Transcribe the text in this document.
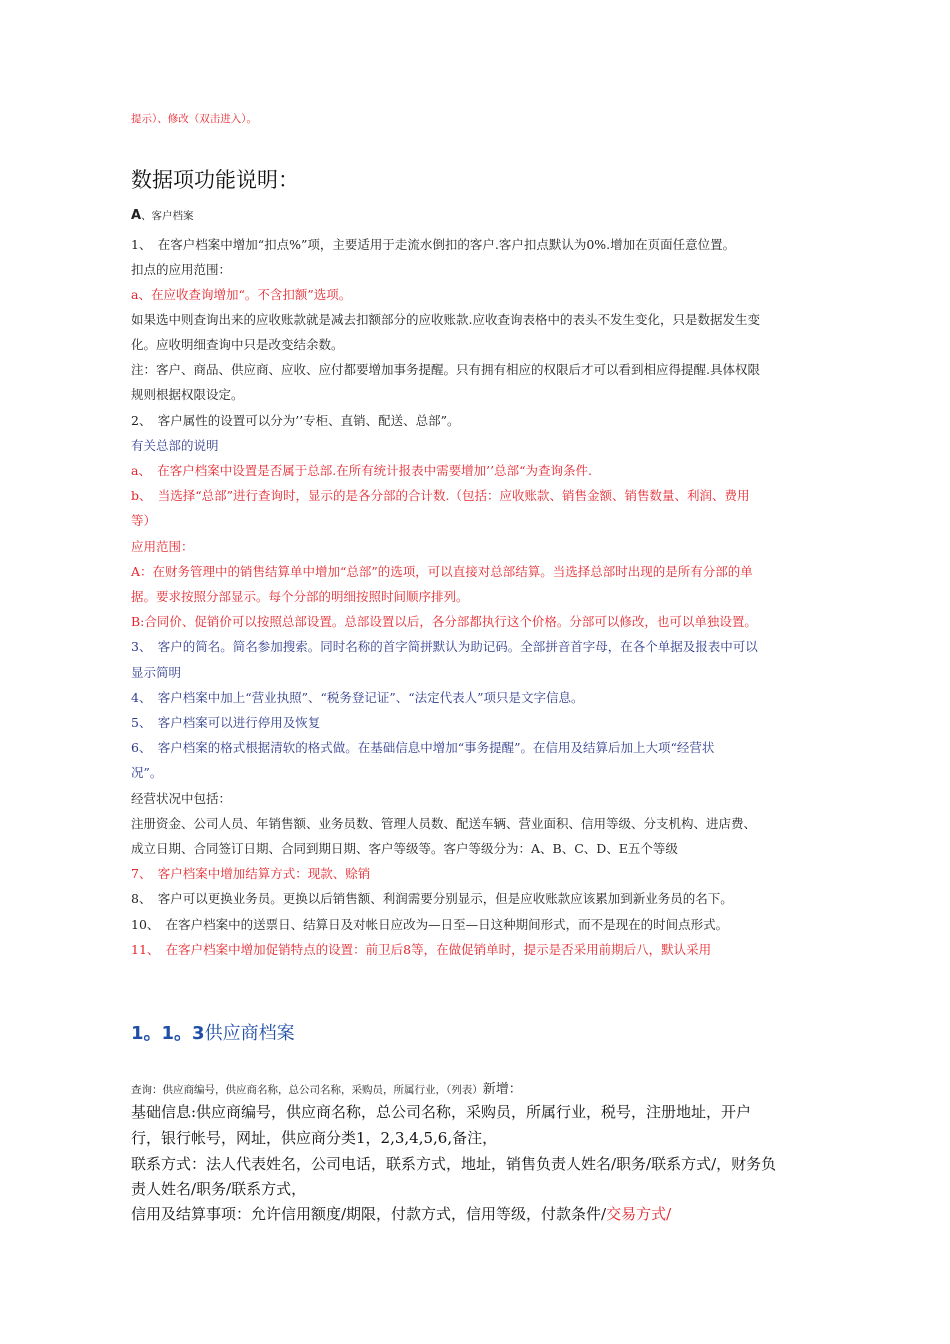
提示）、修改（双击进入）。
数据项功能说明：
A、客户档案
1、　在客户档案中增加“扣点%”项，主要适用于走流水倒扣的客户.客户扣点默认为0%.增加在页面任意位置。
扣点的应用范围：
a、在应收查询增加“。不含扣额”选项。
如果选中则查询出来的应收账款就是减去扣额部分的应收账款.应收查询表格中的表头不发生变化，只是数据发生变
化。应收明细查询中只是改变结余数。
注：客户、商品、供应商、应收、应付都要增加事务提醒。只有拥有相应的权限后才可以看到相应得提醒.具体权限
规则根据权限设定。
2、　客户属性的设置可以分为’’专柜、直销、配送、总部”。
有关总部的说明
a、　在客户档案中设置是否属于总部.在所有统计报表中需要增加’’总部“为查询条件.
b、　当选择“总部”进行查询时，显示的是各分部的合计数.（包括：应收账款、销售金额、销售数量、利润、费用
等）
应用范围：
A：在财务管理中的销售结算单中增加“总部”的选项，可以直接对总部结算。当选择总部时出现的是所有分部的单
据。要求按照分部显示。每个分部的明细按照时间顺序排列。
B:合同价、促销价可以按照总部设置。总部设置以后，各分部都执行这个价格。分部可以修改，也可以单独设置。
3、　客户的简名。简名参加搜索。同时名称的首字简拼默认为助记码。全部拼音首字母，在各个单据及报表中可以
显示简明
4、　客户档案中加上“营业执照”、“税务登记证”、“法定代表人”项只是文字信息。
5、　客户档案可以进行停用及恢复
6、　客户档案的格式根据清软的格式做。在基础信息中增加“事务提醒”。在信用及结算后加上大项“经营状
况”。
经营状况中包括：
注册资金、公司人员、年销售额、业务员数、管理人员数、配送车辆、营业面积、信用等级、分支机构、进店费、
成立日期、合同签订日期、合同到期日期、客户等级等。客户等级分为：A、B、C、D、E五个等级
7、　客户档案中增加结算方式：现款、赊销
8、　客户可以更换业务员。更换以后销售额、利润需要分别显示，但是应收账款应该累加到新业务员的名下。
10、　在客户档案中的送票日、结算日及对帐日应改为—日至—日这种期间形式，而不是现在的时间点形式。
11、　在客户档案中增加促销特点的设置：前卫后8等，在做促销单时，提示是否采用前期后八，默认采用
1。1。3供应商档案
查询：供应商编号，供应商名称，总公司名称，采购员，所属行业，（列表）新增：
基础信息:供应商编号，供应商名称，总公司名称，采购员，所属行业，税号，注册地址，开户
行，银行帐号，网址，供应商分类1，2,3,4,5,6,备注，
联系方式：法人代表姓名，公司电话，联系方式，地址，销售负责人姓名/职务/联系方式/，财务负
责人姓名/职务/联系方式，
信用及结算事项：允许信用额度/期限，付款方式，信用等级，付款条件/交易方式/
